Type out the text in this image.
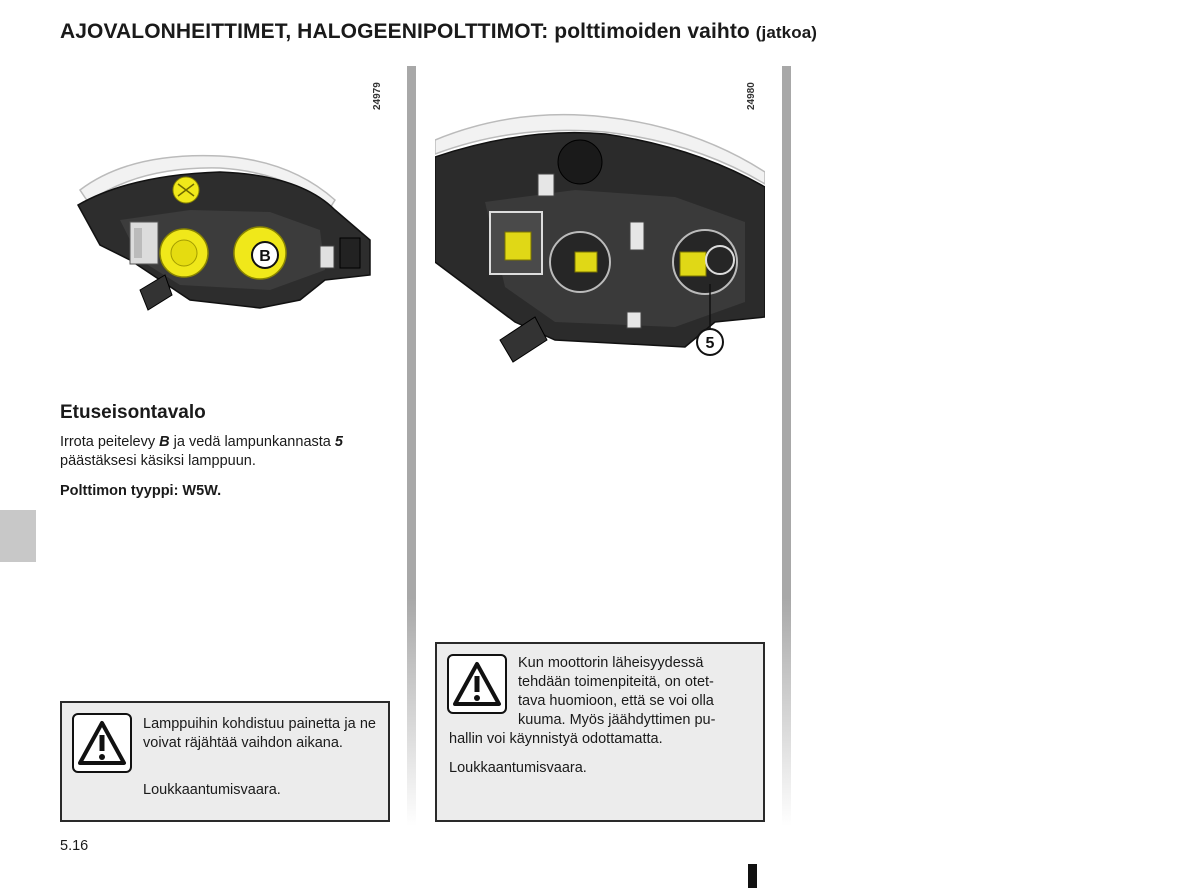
AJOVALONHEITTIMET, HALOGEENIPOLTTIMOT: polttimoiden vaihto (jatkoa)
24979
B
24980
5
Etuseisontavalo
Irrota peitelevy B ja vedä lampunkannasta 5 päästäksesi käsiksi lamppuun.
Polttimon tyyppi: W5W.
Lamppuihin kohdistuu painetta ja ne voivat räjähtää vaihdon aikana.
Loukkaantumisvaara.
Kun moottorin läheisyydessä
tehdään toimenpiteitä, on otet-
tava huomioon, että se voi olla
kuuma. Myös jäähdyttimen pu-
hallin voi käynnistyä odottamatta.
Loukkaantumisvaara.
5.16
